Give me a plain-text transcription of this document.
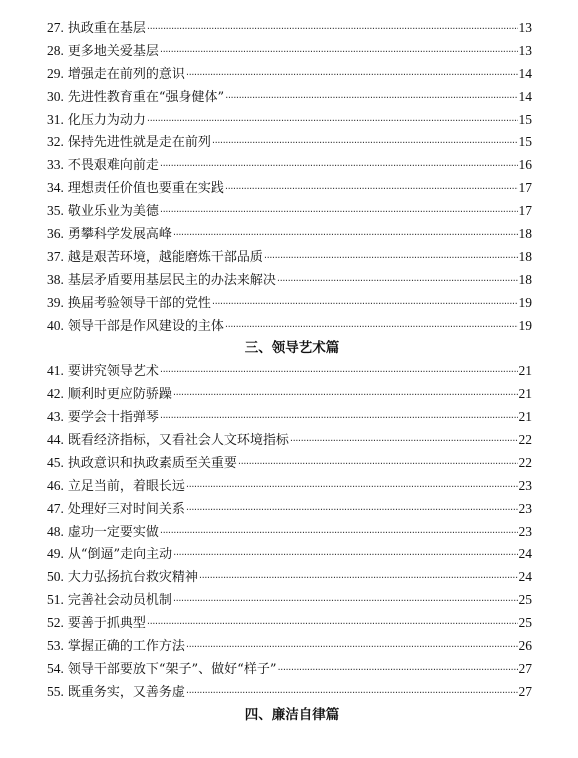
27. 执政重在基层 ·····	13
28. 更多地关爱基层 ·····	13
29. 增强走在前列的意识 ·····	14
30. 先进性教育重在“强身健体” ·····	14
31. 化压力为动力 ·····	15
32. 保持先进性就是走在前列 ·····	15
33. 不畏艰难向前走 ·····	16
34. 理想责任价值也要重在实践 ·····	17
35. 敬业乐业为美德 ·····	17
36. 勇攀科学发展高峰 ·····	18
37. 越是艰苦环境，越能磨炼干部品质 ·····	18
38. 基层矛盾要用基层民主的办法来解决 ·····	18
39. 换届考验领导干部的党性 ·····	19
40. 领导干部是作风建设的主体 ·····	19
三、领导艺术篇
41. 要讲究领导艺术 ·····	21
42. 顺利时更应防骄躁 ·····	21
43. 要学会十指弹琴 ·····	21
44. 既看经济指标，又看社会人文环境指标 ·····	22
45. 执政意识和执政素质至关重要 ·····	22
46. 立足当前，着眼长远 ·····	23
47. 处理好三对时间关系 ·····	23
48. 虚功一定要实做 ·····	23
49. 从“倒逼”走向主动 ·····	24
50. 大力弘扬抗台救灾精神 ·····	24
51. 完善社会动员机制 ·····	25
52. 要善于抓典型 ·····	25
53. 掌握正确的工作方法 ·····	26
54. 领导干部要放下“架子”、做好“样子” ·····	27
55. 既重务实，又善务虚 ·····	27
四、廉洁自律篇
